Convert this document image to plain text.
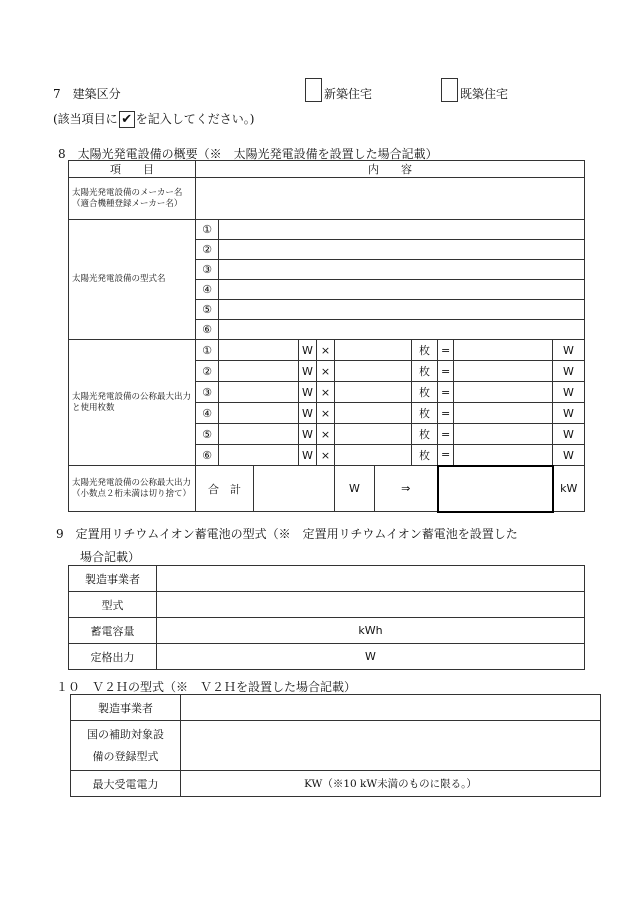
7　建築区分	新築住宅	既築住宅
(該当項目に ✔ を記入してください。)
8　太陽光発電設備の概要（※　太陽光発電設備を設置した場合記載）
項　　目	内　　容										
太陽光発電設備のメーカー名（適合機種登録メーカー名）											
太陽光発電設備の型式名	①										
	②										
	③										
	④										
	⑤										
	⑥										
太陽光発電設備の公称最大出力と使用枚数	①			W	×			枚	=		W
	②			W	×			枚	=		W
	③			W	×			枚	=		W
	④			W	×			枚	=		W
	⑤			W	×			枚	=		W
	⑥			W	×			枚	=		W
太陽光発電設備の公称最大出力（小数点２桁未満は切り捨て）	合　計					W	⇒				kW
9　定置用リチウムイオン蓄電池の型式（※　定置用リチウムイオン蓄電池を設置した
場合記載）
製造事業者	
型式	
蓄電容量	kWh
定格出力	W
１０　Ｖ２Ｈの型式（※　Ｖ２Ｈを設置した場合記載）
製造事業者	

国の補助対象設
備の登録型式	

最大受電電力	KW（※10 kW未満のものに限る。）
